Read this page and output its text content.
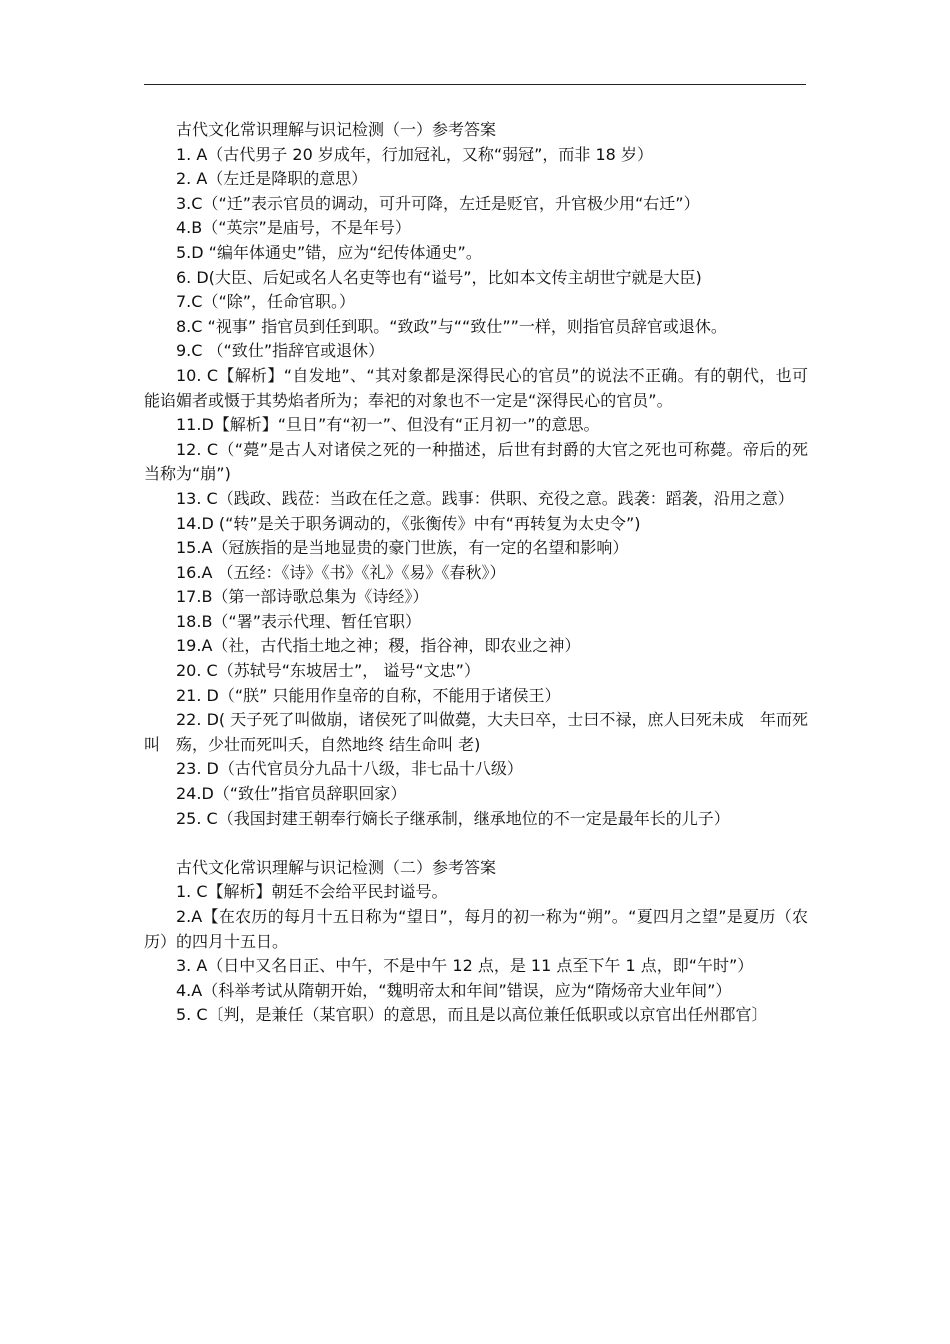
古代文化常识理解与识记检测（一）参考答案

1. A（古代男子 20 岁成年，行加冠礼，又称“弱冠”，而非 18 岁）

2. A（左迁是降职的意思）

3.C（“迁”表示官员的调动，可升可降，左迁是贬官，升官极少用“右迁”）

4.B（“英宗”是庙号，不是年号）

5.D “编年体通史”错，应为“纪传体通史”。

6. D(大臣、后妃或名人名吏等也有“谥号”，比如本文传主胡世宁就是大臣)

7.C（“除”，任命官职。）

8.C “视事” 指官员到任到职。“致政”与““致仕””一样，则指官员辞官或退休。

9.C （“致仕”指辞官或退休）

10. C【解析】“自发地”、“其对象都是深得民心的官员”的说法不正确。有的朝代，也可能谄媚者或慑于其势焰者所为；奉祀的对象也不一定是“深得民心的官员”。

11.D【解析】“旦日”有“初一”、但没有“正月初一”的意思。

12. C（“薨”是古人对诸侯之死的一种描述，后世有封爵的大官之死也可称薨。帝后的死当称为“崩”)

13. C（践政、践莅：当政在任之意。践事：供职、充役之意。践袭：蹈袭，沿用之意）

14.D (“转”是关于职务调动的，《张衡传》中有“再转复为太史令”)

15.A（冠族指的是当地显贵的豪门世族，有一定的名望和影响）

16.A （五经：《诗》《书》《礼》《易》《春秋》）

17.B（第一部诗歌总集为《诗经》）

18.B（“署”表示代理、暂任官职）

19.A（社，古代指土地之神；稷，指谷神，即农业之神）

20. C（苏轼号“东坡居士”， 谥号“文忠”）

21. D（“朕” 只能用作皇帝的自称，不能用于诸侯王）

22. D( 天子死了叫做崩，诸侯死了叫做薨，大夫曰卒，士曰不禄，庶人曰死未成　年而死叫　殇，少壮而死叫夭，自然地终 结生命叫 老)

23. D（古代官员分九品十八级，非七品十八级）

24.D（“致仕”指官员辞职回家）

25. C（我国封建王朝奉行嫡长子继承制，继承地位的不一定是最年长的儿子）

古代文化常识理解与识记检测（二）参考答案

1. C【解析】朝廷不会给平民封谥号。

2.A【在农历的每月十五日称为“望日”，每月的初一称为“朔”。“夏四月之望”是夏历（农历）的四月十五日。

3. A（日中又名日正、中午，不是中午 12 点，是 11 点至下午 1 点，即“午时”）

4.A（科举考试从隋朝开始，“魏明帝太和年间”错误，应为“隋炀帝大业年间”）

5. C〔判，是兼任（某官职）的意思，而且是以高位兼任低职或以京官出任州郡官〕
